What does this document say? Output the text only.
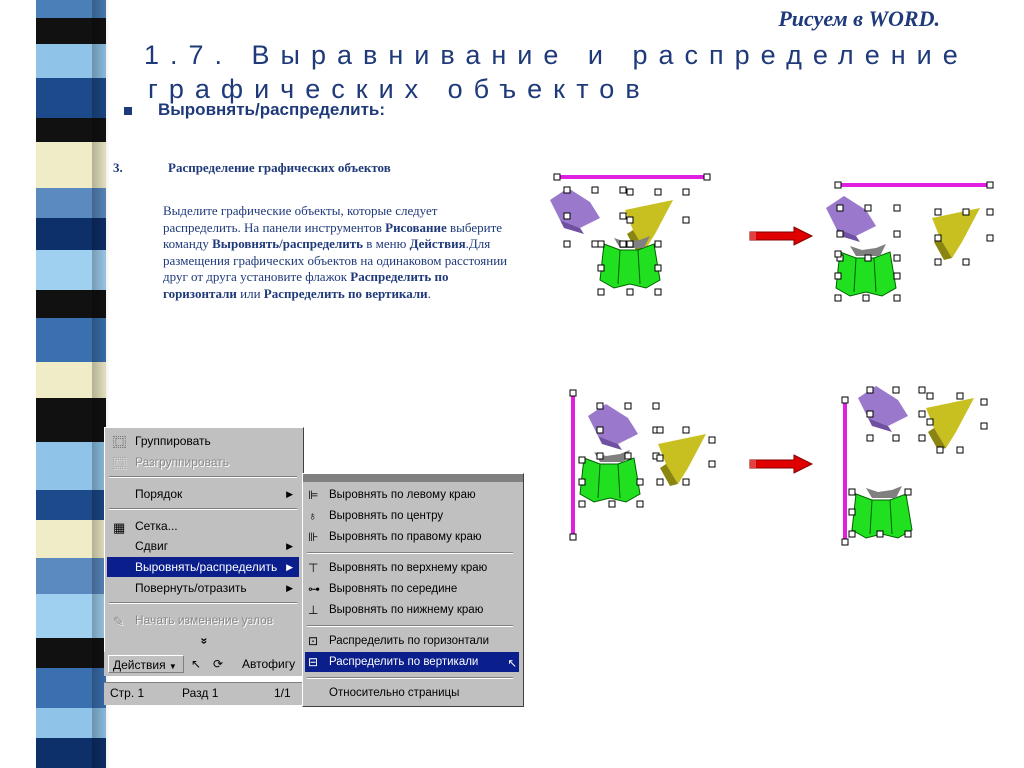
Рисуем в WORD.
1.7. Выравнивание и распределение
графических объектов
Выровнять/распределить:
3.	Распределение графических объектов
Выделите графические объекты, которые следует распределить. На панели инструментов Рисование выберите команду Выровнять/распределить в меню Действия.Для размещения графических объектов на одинаковом расстоянии друг от друга установите флажок Распределить по горизонтали или Распределить по вертикали.
⿴ Группировать
⿴ Разгруппировать
Порядок	▶
▦ Сетка...
Сдвиг	▶
Выровнять/распределить ▶
Повернуть/отразить	▶
✎ Начать изменение узлов
»
Действия ▼	↖ ⟳ Автофигу
Стр. 1	Разд 1	1/1
⊫ Выровнять по левому краю
♁ Выровнять по центру
⊪ Выровнять по правому краю
⊤ Выровнять по верхнему краю
⊶ Выровнять по середине
⊥ Выровнять по нижнему краю
⊡ Распределить по горизонтали
⊟ Распределить по вертикали	↖
Относительно страницы
